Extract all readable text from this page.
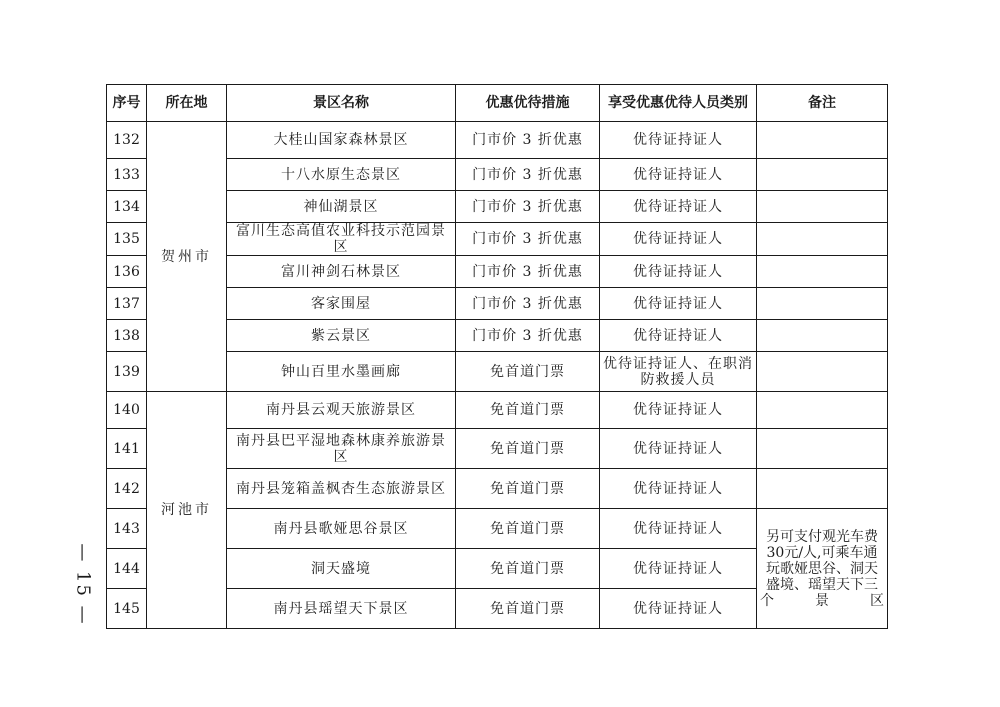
— 15 —
序号	所在地	景区名称	优惠优待措施	享受优惠优待人员类别	备注
132	贺州市	大桂山国家森林景区	门市价 3 折优惠	优待证持证人	
133		十八水原生态景区	门市价 3 折优惠	优待证持证人	
134		神仙湖景区	门市价 3 折优惠	优待证持证人	
135		富川生态高值农业科技示范园景区	门市价 3 折优惠	优待证持证人	
136		富川神剑石林景区	门市价 3 折优惠	优待证持证人	
137		客家围屋	门市价 3 折优惠	优待证持证人	
138		紫云景区	门市价 3 折优惠	优待证持证人	
139		钟山百里水墨画廊	免首道门票	优待证持证人、在职消防救援人员	
140	河池市	南丹县云观天旅游景区	免首道门票	优待证持证人	
141		南丹县巴平湿地森林康养旅游景区	免首道门票	优待证持证人	
142		南丹县笼箱盖枫杏生态旅游景区	免首道门票	优待证持证人	
143		南丹县歌娅思谷景区	免首道门票	优待证持证人	另可支付观光车费30元/人,可乘车通玩歌娅思谷、洞天盛境、瑶望天下三个景区
144		洞天盛境	免首道门票	优待证持证人	
145		南丹县瑶望天下景区	免首道门票	优待证持证人	
